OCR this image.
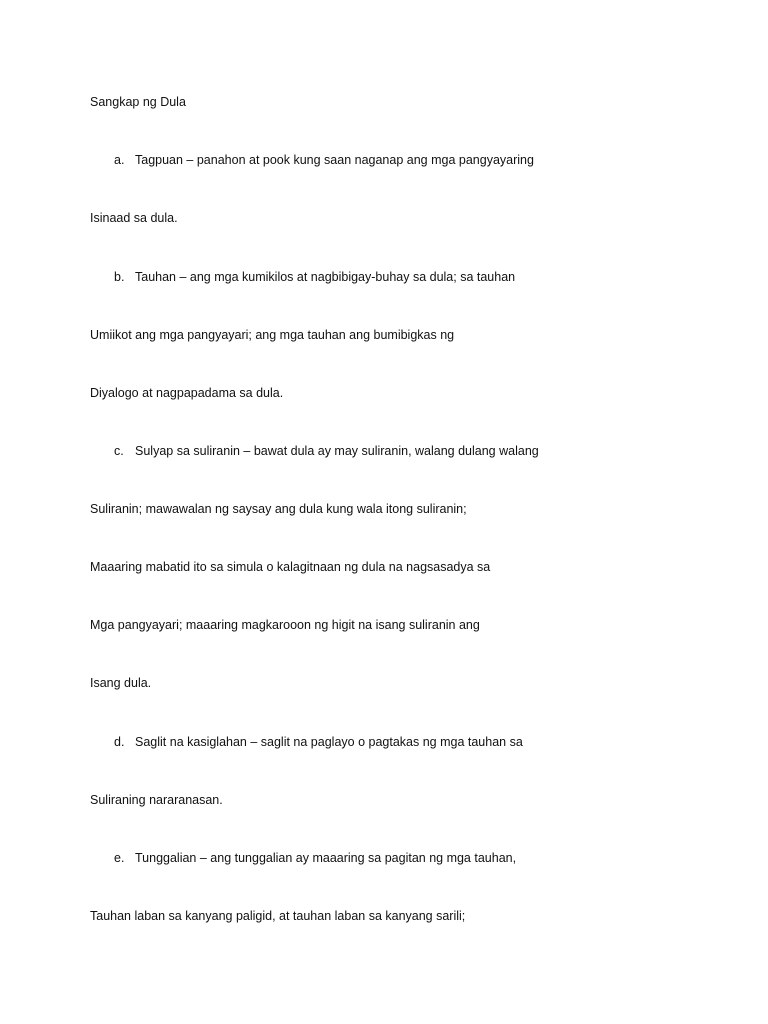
Sangkap ng Dula
a. Tagpuan – panahon at pook kung saan naganap ang mga pangyayaring
Isinaad sa dula.
b. Tauhan – ang mga kumikilos at nagbibigay-buhay sa dula; sa tauhan
Umiikot ang mga pangyayari; ang mga tauhan ang bumibigkas ng
Diyalogo at nagpapadama sa dula.
c. Sulyap sa suliranin – bawat dula ay may suliranin, walang dulang walang
Suliranin; mawawalan ng saysay ang dula kung wala itong suliranin;
Maaaring mabatid ito sa simula o kalagitnaan ng dula na nagsasadya sa
Mga pangyayari; maaaring magkarooon ng higit na isang suliranin ang
Isang dula.
d. Saglit na kasiglahan – saglit na paglayo o pagtakas ng mga tauhan sa
Suliraning nararanasan.
e. Tunggalian – ang tunggalian ay maaaring sa pagitan ng mga tauhan,
Tauhan laban sa kanyang paligid, at tauhan laban sa kanyang sarili;
